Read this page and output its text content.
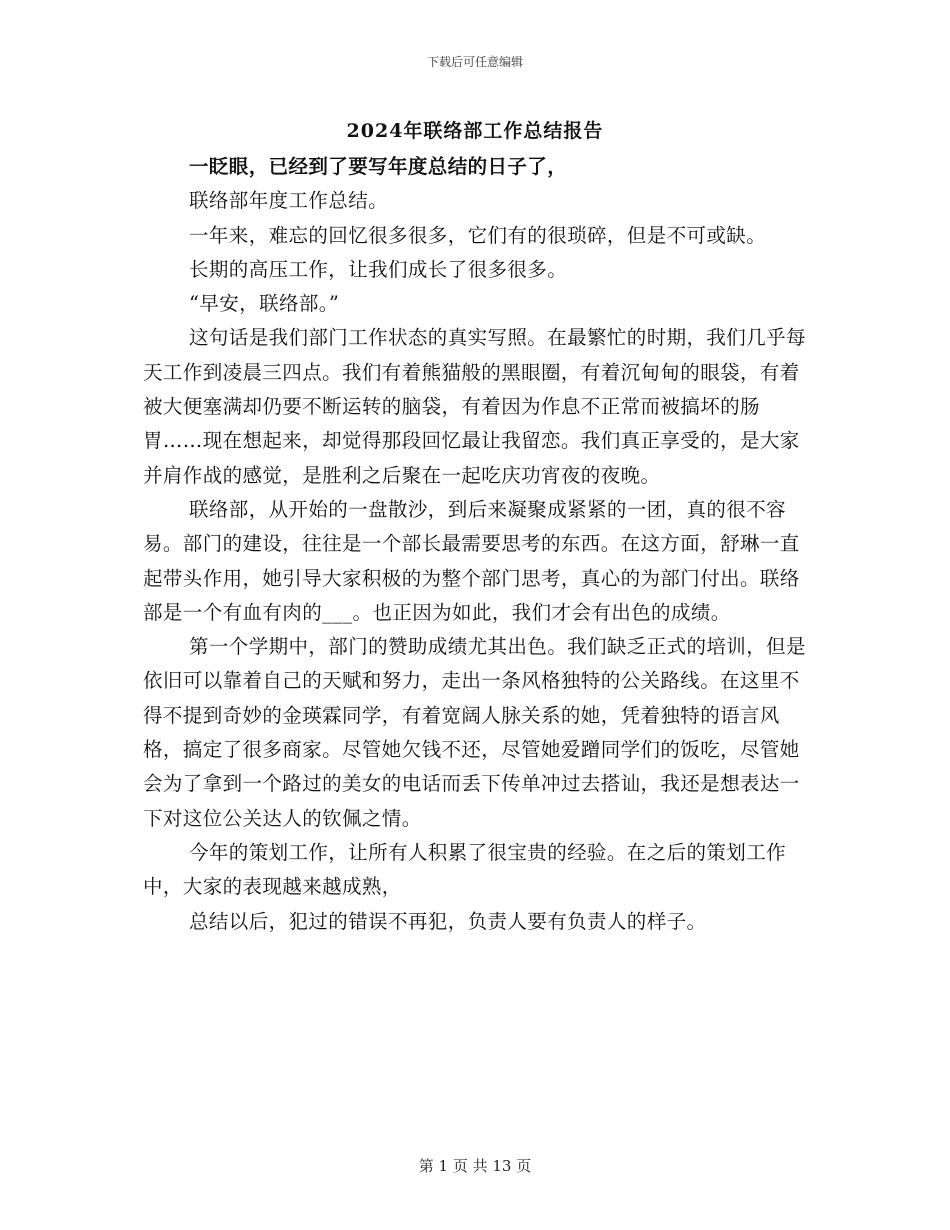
下载后可任意编辑
2024年联络部工作总结报告

一眨眼，已经到了要写年度总结的日子了，

联络部年度工作总结。

一年来，难忘的回忆很多很多，它们有的很琐碎，但是不可或缺。

长期的高压工作，让我们成长了很多很多。

“早安，联络部。”

这句话是我们部门工作状态的真实写照。在最繁忙的时期，我们几乎每天工作到凌晨三四点。我们有着熊猫般的黑眼圈，有着沉甸甸的眼袋，有着被大便塞满却仍要不断运转的脑袋，有着因为作息不正常而被搞坏的肠胃……现在想起来，却觉得那段回忆最让我留恋。我们真正享受的，是大家并肩作战的感觉，是胜利之后聚在一起吃庆功宵夜的夜晚。

联络部，从开始的一盘散沙，到后来凝聚成紧紧的一团，真的很不容易。部门的建设，往往是一个部长最需要思考的东西。在这方面，舒琳一直起带头作用，她引导大家积极的为整个部门思考，真心的为部门付出。联络部是一个有血有肉的___。也正因为如此，我们才会有出色的成绩。

第一个学期中，部门的赞助成绩尤其出色。我们缺乏正式的培训，但是依旧可以靠着自己的天赋和努力，走出一条风格独特的公关路线。在这里不得不提到奇妙的金瑛霖同学，有着宽阔人脉关系的她，凭着独特的语言风格，搞定了很多商家。尽管她欠钱不还，尽管她爱蹭同学们的饭吃，尽管她会为了拿到一个路过的美女的电话而丢下传单冲过去搭讪，我还是想表达一下对这位公关达人的钦佩之情。

今年的策划工作，让所有人积累了很宝贵的经验。在之后的策划工作中，大家的表现越来越成熟，

总结以后，犯过的错误不再犯，负责人要有负责人的样子。

第 1 页 共 13 页
